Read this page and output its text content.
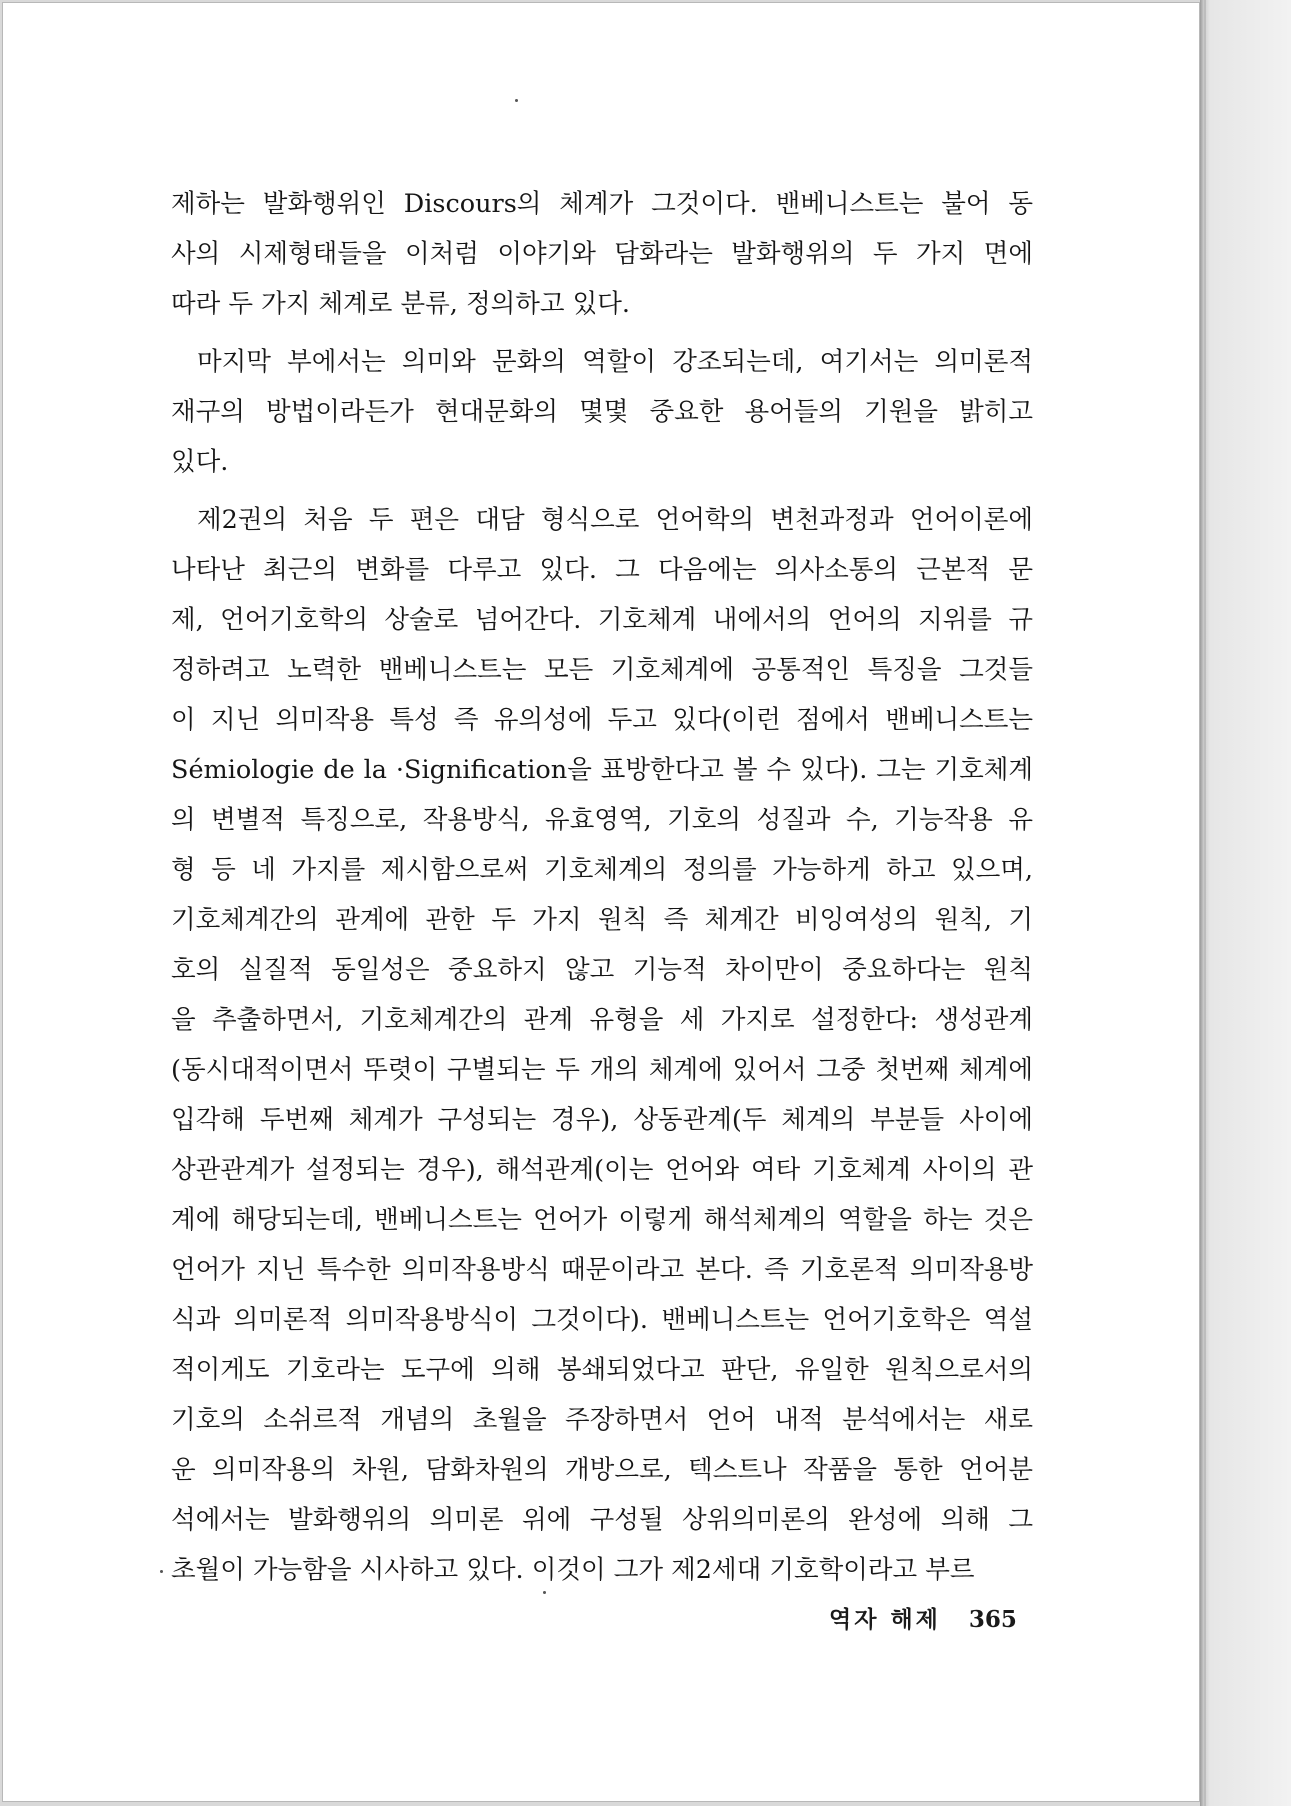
제하는 발화행위인 Discours의 체계가 그것이다. 밴베니스트는 불어 동
사의 시제형태들을 이처럼 이야기와 담화라는 발화행위의 두 가지 면에
따라 두 가지 체계로 분류, 정의하고 있다.
마지막 부에서는 의미와 문화의 역할이 강조되는데, 여기서는 의미론적
재구의 방법이라든가 현대문화의 몇몇 중요한 용어들의 기원을 밝히고
있다.
제2권의 처음 두 편은 대담 형식으로 언어학의 변천과정과 언어이론에
나타난 최근의 변화를 다루고 있다. 그 다음에는 의사소통의 근본적 문
제, 언어기호학의 상술로 넘어간다. 기호체계 내에서의 언어의 지위를 규
정하려고 노력한 밴베니스트는 모든 기호체계에 공통적인 특징을 그것들
이 지닌 의미작용 특성 즉 유의성에 두고 있다(이런 점에서 밴베니스트는
Sémiologie de la ·Signification을 표방한다고 볼 수 있다). 그는 기호체계
의 변별적 특징으로, 작용방식, 유효영역, 기호의 성질과 수, 기능작용 유
형 등 네 가지를 제시함으로써 기호체계의 정의를 가능하게 하고 있으며,
기호체계간의 관계에 관한 두 가지 원칙 즉 체계간 비잉여성의 원칙, 기
호의 실질적 동일성은 중요하지 않고 기능적 차이만이 중요하다는 원칙
을 추출하면서, 기호체계간의 관계 유형을 세 가지로 설정한다: 생성관계
(동시대적이면서 뚜렷이 구별되는 두 개의 체계에 있어서 그중 첫번째 체계에
입각해 두번째 체계가 구성되는 경우), 상동관계(두 체계의 부분들 사이에
상관관계가 설정되는 경우), 해석관계(이는 언어와 여타 기호체계 사이의 관
계에 해당되는데, 밴베니스트는 언어가 이렇게 해석체계의 역할을 하는 것은
언어가 지닌 특수한 의미작용방식 때문이라고 본다. 즉 기호론적 의미작용방
식과 의미론적 의미작용방식이 그것이다). 밴베니스트는 언어기호학은 역설
적이게도 기호라는 도구에 의해 봉쇄되었다고 판단, 유일한 원칙으로서의
기호의 소쉬르적 개념의 초월을 주장하면서 언어 내적 분석에서는 새로
운 의미작용의 차원, 담화차원의 개방으로, 텍스트나 작품을 통한 언어분
석에서는 발화행위의 의미론 위에 구성될 상위의미론의 완성에 의해 그
초월이 가능함을 시사하고 있다. 이것이 그가 제2세대 기호학이라고 부르
역자 해제 365
